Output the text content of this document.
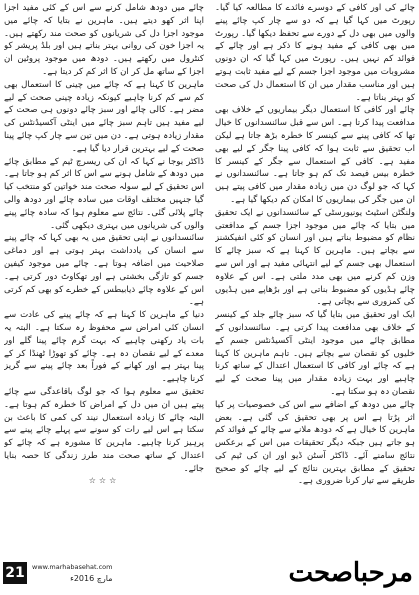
چائے کی اور کافی کے دوسرے فائدے کا مطالعہ کیا گیا۔ رپورٹ میں کہا گیا ہے کہ دو سے چار کپ چائے پینے والوں میں بھی دل کے دورے سے تحفظ دیکھا گیا۔ رپورٹ میں بھی کافی کے مفید ہونے کا ذکر ہے اور چائے کے فوائد کم نہیں ہیں۔ رپورٹ میں کہا گیا کہ ان دونوں مشروبات میں موجود اجزا جسم کے لیے مفید ثابت ہوتے ہیں اور مناسب مقدار میں ان کا استعمال دل کی صحت کو بہتر بناتا ہے۔

چائے اور کافی کا استعمال دیگر بیماریوں کے خلاف بھی مدافعت پیدا کرتا ہے۔ اس سے قبل سائنسدانوں کا خیال تھا کہ کافی پینے سے کینسر کا خطرہ بڑھ جاتا ہے لیکن اب تحقیق سے ثابت ہوا کہ کافی پینا جگر کے لیے بھی مفید ہے۔ کافی کے استعمال سے جگر کے کینسر کا خطرہ بیس فیصد تک کم ہو جاتا ہے۔ سائنسدانوں نے کہا کہ جو لوگ دن میں زیادہ مقدار میں کافی پیتے ہیں ان میں جگر کی بیماریوں کا امکان کم دیکھا گیا ہے۔

ولنگٹن اسٹیٹ یونیورسٹی کے سائنسدانوں نے ایک تحقیق میں بتایا کہ چائے میں موجود اجزا جسم کے مدافعتی نظام کو مضبوط بناتے ہیں اور انسان کو کئی انفیکشنز سے بچاتے ہیں۔ ماہرین کا کہنا ہے کہ سبز چائے کا استعمال بھی جسم کے لیے انتہائی مفید ہے اور اس سے وزن کم کرنے میں بھی مدد ملتی ہے۔ اس کے علاوہ چائے ہڈیوں کو مضبوط بناتی ہے اور بڑھاپے میں ہڈیوں کی کمزوری سے بچاتی ہے۔

ایک اور تحقیق میں بتایا گیا کہ سبز چائے جلد کے کینسر کے خلاف بھی مدافعت پیدا کرتی ہے۔ سائنسدانوں کے مطابق چائے میں موجود اینٹی آکسیڈنٹس جسم کے خلیوں کو نقصان سے بچاتے ہیں۔ تاہم ماہرین کا کہنا ہے کہ چائے اور کافی کا استعمال اعتدال کے ساتھ کرنا چاہیے اور بہت زیادہ مقدار میں پینا صحت کے لیے نقصان دہ ہو سکتا ہے۔

چائے میں دودھ کے اضافے سے اس کی خصوصیات پر کیا اثر پڑتا ہے اس پر بھی تحقیق کی گئی ہے۔ بعض ماہرین کا خیال ہے کہ دودھ ملانے سے چائے کے فوائد کم ہو جاتے ہیں جبکہ دیگر تحقیقات میں اس کے برعکس نتائج سامنے آئے۔ ڈاکٹر آسٹن ڈیو اور ان کی ٹیم کی تحقیق کے مطابق بہترین نتائج کے لیے چائے کو صحیح طریقے سے تیار کرنا ضروری ہے۔

چائے میں دودھ شامل کرنے سے اس کے کئی مفید اجزا اپنا اثر کھو دیتے ہیں۔ ماہرین نے بتایا کہ چائے میں موجود اجزا دل کی شریانوں کو صحت مند رکھتے ہیں۔ یہ اجزا خون کی روانی بہتر بناتے ہیں اور بلڈ پریشر کو کنٹرول میں رکھتے ہیں۔ دودھ میں موجود پروٹین ان اجزا کے ساتھ مل کر ان کا اثر کم کر دیتا ہے۔

ماہرین کا کہنا ہے کہ چائے میں چینی کا استعمال بھی کم سے کم کرنا چاہیے کیونکہ زیادہ چینی صحت کے لیے مضر ہے۔ کالی چائے اور سبز چائے دونوں ہی صحت کے لیے مفید ہیں تاہم سبز چائے میں اینٹی آکسیڈنٹس کی مقدار زیادہ ہوتی ہے۔ دن میں تین سے چار کپ چائے پینا صحت کے لیے بہترین قرار دیا گیا ہے۔

ڈاکٹر بوجا نے کہا کہ ان کی ریسرچ ٹیم کے مطابق چائے میں دودھ کے شامل ہونے سے اس کا اثر کم ہو جاتا ہے۔ اس تحقیق کے لیے سولہ صحت مند خواتین کو منتخب کیا گیا جنہیں مختلف اوقات میں سادہ چائے اور دودھ والی چائے پلائی گئی۔ نتائج سے معلوم ہوا کہ سادہ چائے پینے والوں کی شریانوں میں بہتری دیکھی گئی۔

سائنسدانوں نے اپنی تحقیق میں یہ بھی کہا کہ چائے پینے سے انسان کی یادداشت بہتر ہوتی ہے اور دماغی صلاحیت میں اضافہ ہوتا ہے۔ چائے میں موجود کیفین جسم کو تازگی بخشتی ہے اور تھکاوٹ دور کرتی ہے۔ اس کے علاوہ چائے ذیابیطس کے خطرے کو بھی کم کرتی ہے۔

دنیا کے ماہرین کا کہنا ہے کہ چائے پینے کی عادت سے انسان کئی امراض سے محفوظ رہ سکتا ہے۔ البتہ یہ بات یاد رکھنی چاہیے کہ بہت گرم چائے پینا گلے اور معدے کے لیے نقصان دہ ہے۔ چائے کو تھوڑا ٹھنڈا کر کے پینا بہتر ہے اور کھانے کے فوراً بعد چائے پینے سے گریز کرنا چاہیے۔

تحقیق سے معلوم ہوا کہ جو لوگ باقاعدگی سے چائے پیتے ہیں ان میں دل کے امراض کا خطرہ کم ہوتا ہے۔ البتہ چائے کا زیادہ استعمال نیند کی کمی کا باعث بن سکتا ہے اس لیے رات کو سونے سے پہلے چائے پینے سے پرہیز کرنا چاہیے۔ ماہرین کا مشورہ ہے کہ چائے کو اعتدال کے ساتھ صحت مند طرز زندگی کا حصہ بنایا جائے۔

☆☆☆

21	www.marhabasehat.com
مارچ 2016ء	مرحباصحت
